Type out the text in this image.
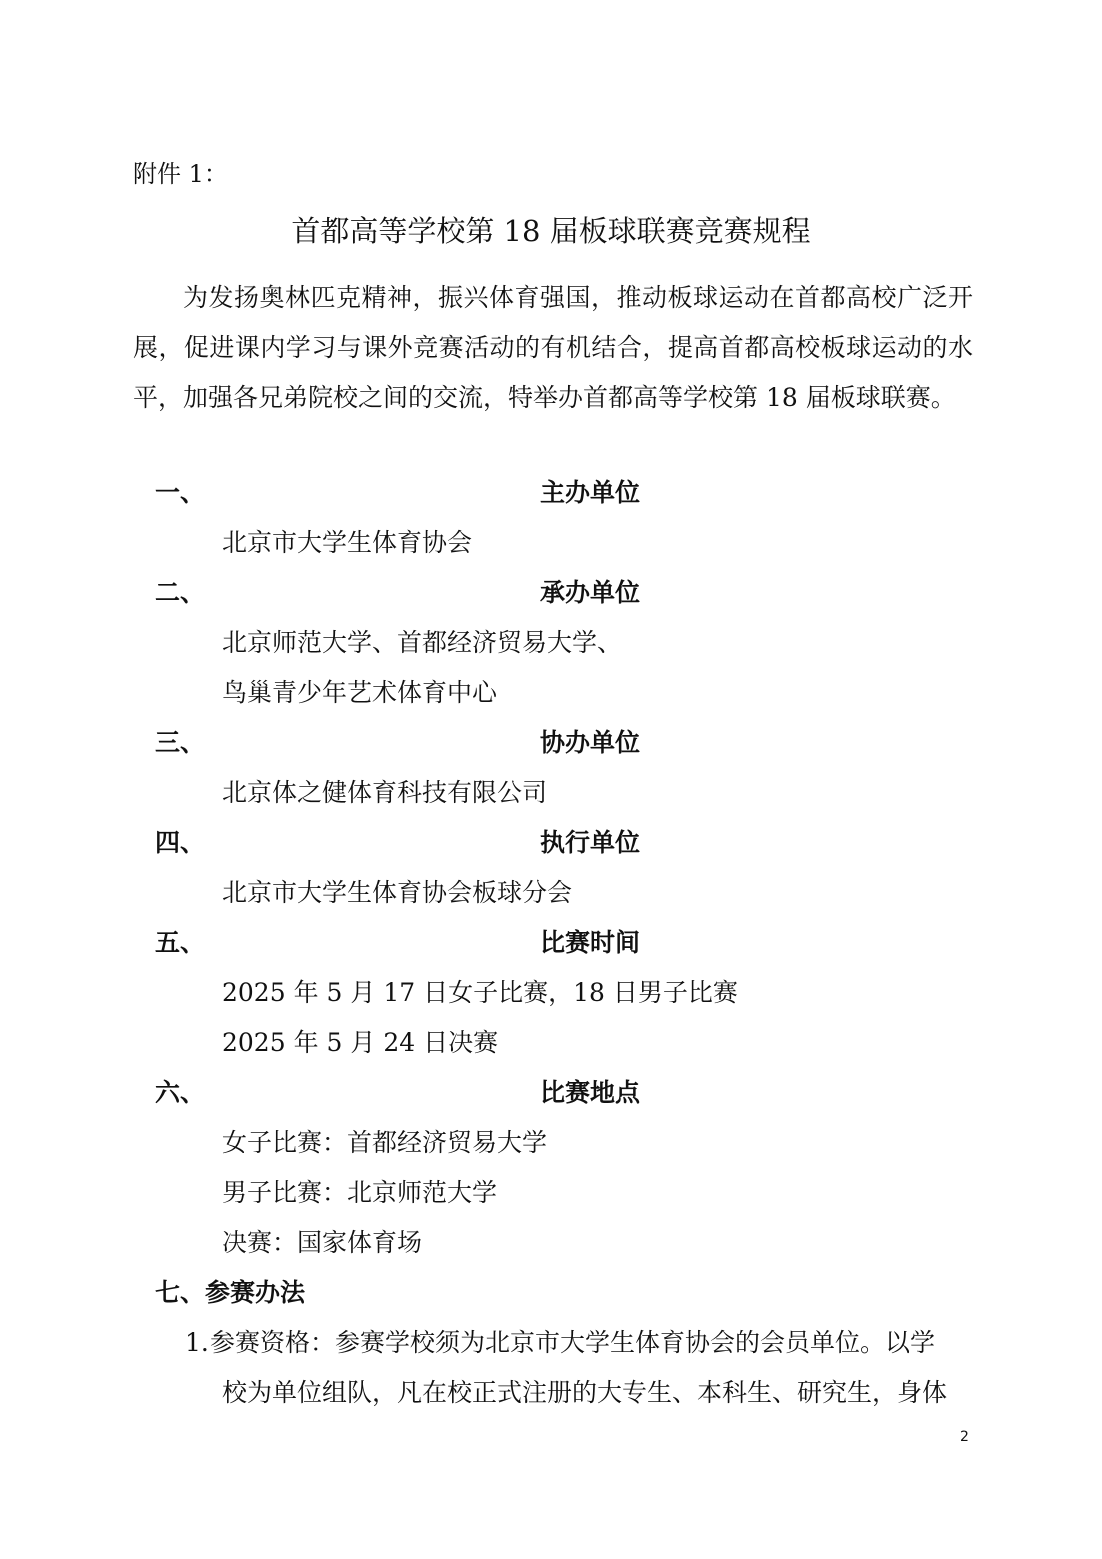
附件 1：
首都高等学校第 18 届板球联赛竞赛规程

为发扬奥林匹克精神，振兴体育强国，推动板球运动在首都高校广泛开展，促进课内学习与课外竞赛活动的有机结合，提高首都高校板球运动的水平，加强各兄弟院校之间的交流，特举办首都高等学校第 18 届板球联赛。

一、	主办单位
北京市大学生体育协会
二、	承办单位
北京师范大学、首都经济贸易大学、
鸟巢青少年艺术体育中心
三、	协办单位
北京体之健体育科技有限公司
四、	执行单位
北京市大学生体育协会板球分会
五、	比赛时间
2025 年 5 月 17 日女子比赛，18 日男子比赛
2025 年 5 月 24 日决赛
六、	比赛地点
女子比赛：首都经济贸易大学
男子比赛：北京师范大学
决赛：国家体育场
七、参赛办法
1. 参赛资格：参赛学校须为北京市大学生体育协会的会员单位。以学
校为单位组队，凡在校正式注册的大专生、本科生、研究生，身体
2
